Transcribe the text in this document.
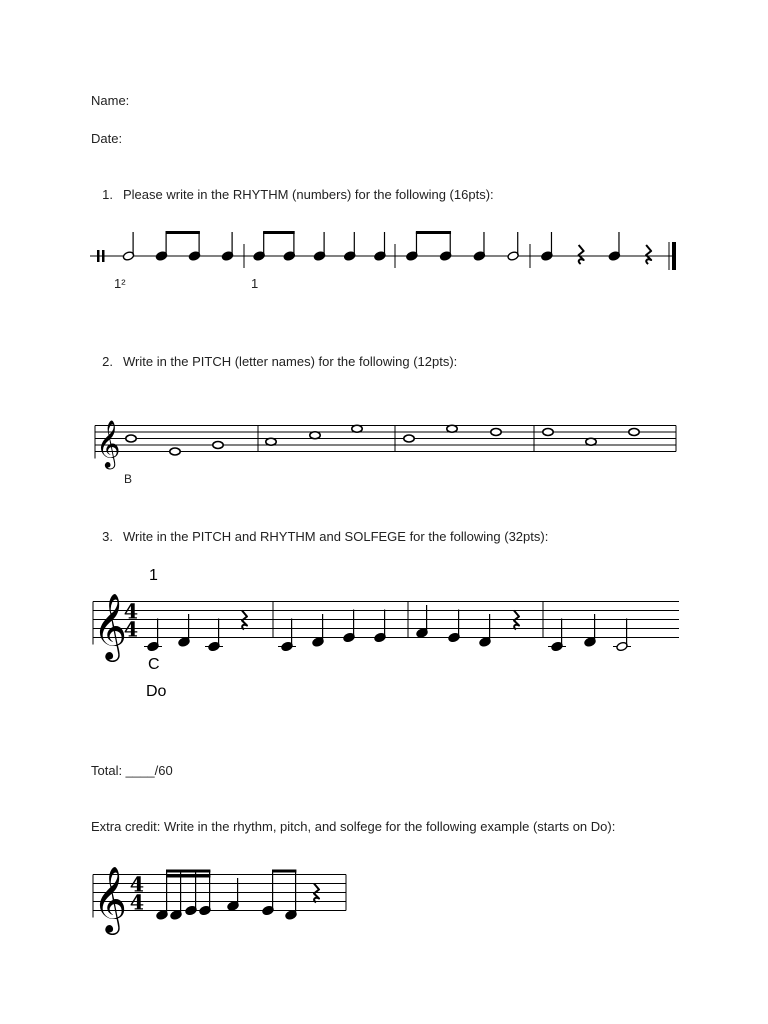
Name:
Date:
1. Please write in the RHYTHM (numbers) for the following (16pts):
1²	1
2. Write in the PITCH (letter names) for the following (12pts):
𝄞
B
3. Write in the PITCH and RHYTHM and SOLFEGE for the following (32pts):
1
𝄞
4
4
C
Do
Total: ____/60
Extra credit: Write in the rhythm, pitch, and solfege for the following example (starts on Do):
𝄞 4
4
